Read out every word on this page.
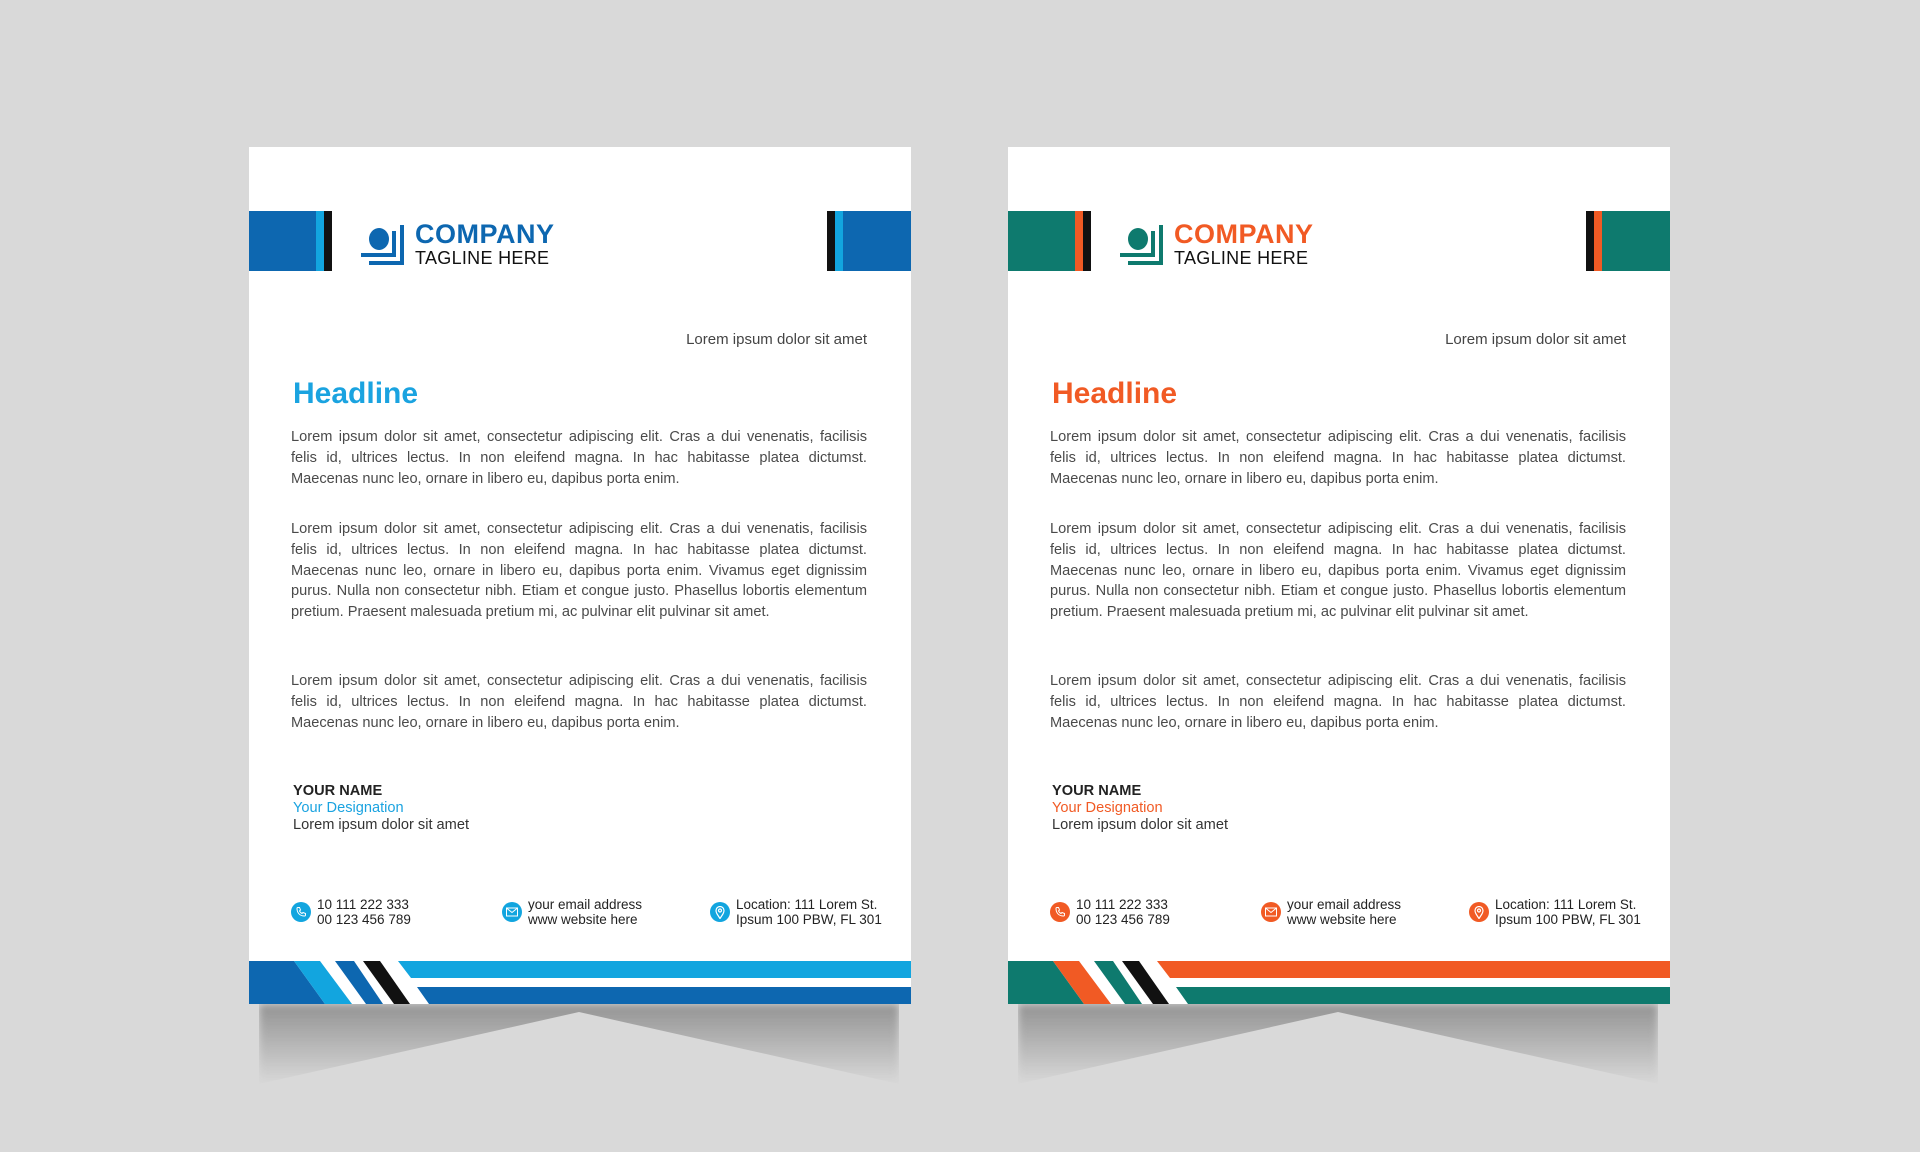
COMPANY
TAGLINE HERE
Lorem ipsum dolor sit amet
Headline

Lorem ipsum dolor sit amet, consectetur adipiscing elit. Cras a dui venenatis, facilisis felis id, ultrices lectus. In non eleifend magna. In hac habitasse platea dictumst. Maecenas nunc leo, ornare in libero eu, dapibus porta enim.

Lorem ipsum dolor sit amet, consectetur adipiscing elit. Cras a dui venenatis, facilisis felis id, ultrices lectus. In non eleifend magna. In hac habitasse platea dictumst. Maecenas nunc leo, ornare in libero eu, dapibus porta enim. Vivamus eget dignissim purus. Nulla non consectetur nibh. Etiam et congue justo. Phasellus lobortis elementum pretium. Praesent malesuada pretium mi, ac pulvinar elit pulvinar sit amet.

Lorem ipsum dolor sit amet, consectetur adipiscing elit. Cras a dui venenatis, facilisis felis id, ultrices lectus. In non eleifend magna. In hac habitasse platea dictumst. Maecenas nunc leo, ornare in libero eu, dapibus porta enim.

YOUR NAME
Your Designation
Lorem ipsum dolor sit amet
10 111 222 333
00 123 456 789
your email address
www website here
Location: 111 Lorem St.
Ipsum 100 PBW, FL 301
COMPANY
TAGLINE HERE
Lorem ipsum dolor sit amet
Headline

Lorem ipsum dolor sit amet, consectetur adipiscing elit. Cras a dui venenatis, facilisis felis id, ultrices lectus. In non eleifend magna. In hac habitasse platea dictumst. Maecenas nunc leo, ornare in libero eu, dapibus porta enim.

Lorem ipsum dolor sit amet, consectetur adipiscing elit. Cras a dui venenatis, facilisis felis id, ultrices lectus. In non eleifend magna. In hac habitasse platea dictumst. Maecenas nunc leo, ornare in libero eu, dapibus porta enim. Vivamus eget dignissim purus. Nulla non consectetur nibh. Etiam et congue justo. Phasellus lobortis elementum pretium. Praesent malesuada pretium mi, ac pulvinar elit pulvinar sit amet.

Lorem ipsum dolor sit amet, consectetur adipiscing elit. Cras a dui venenatis, facilisis felis id, ultrices lectus. In non eleifend magna. In hac habitasse platea dictumst. Maecenas nunc leo, ornare in libero eu, dapibus porta enim.

YOUR NAME
Your Designation
Lorem ipsum dolor sit amet
10 111 222 333
00 123 456 789
your email address
www website here
Location: 111 Lorem St.
Ipsum 100 PBW, FL 301
